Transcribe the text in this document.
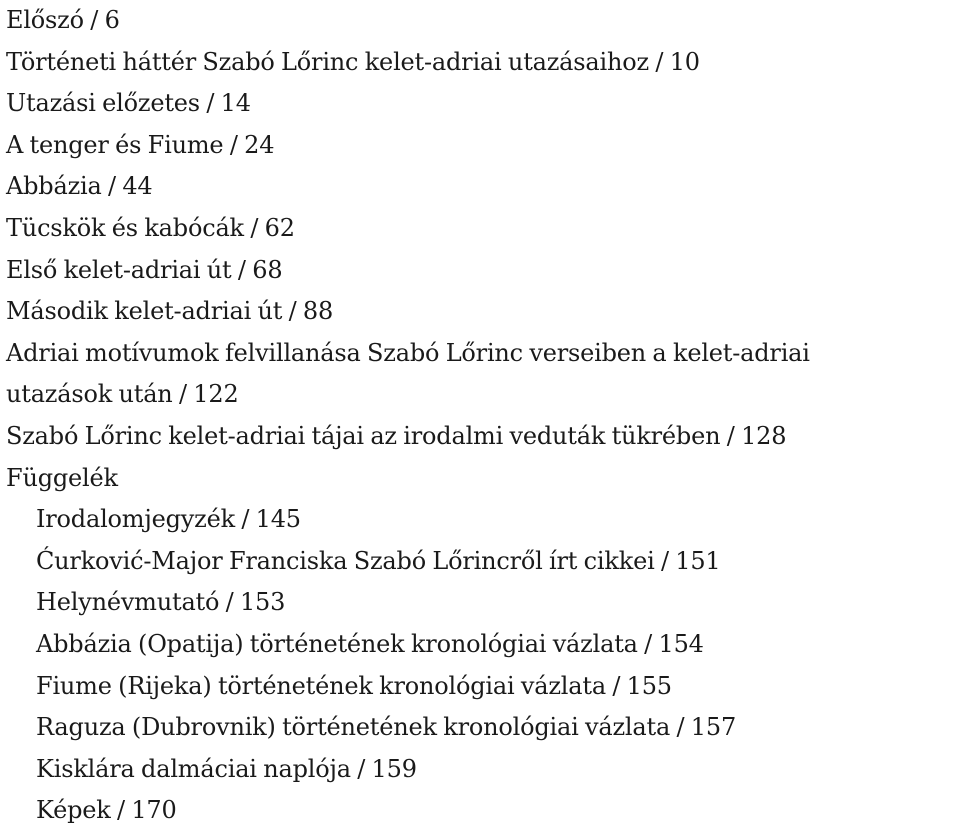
Előszó / 6
Történeti háttér Szabó Lőrinc kelet-adriai utazásaihoz / 10
Utazási előzetes / 14
A tenger és Fiume / 24
Abbázia / 44
Tücskök és kabócák / 62
Első kelet-adriai út / 68
Második kelet-adriai út / 88
Adriai motívumok felvillanása Szabó Lőrinc verseiben a kelet-adriai
utazások után / 122
Szabó Lőrinc kelet-adriai tájai az irodalmi veduták tükrében / 128
Függelék
Irodalomjegyzék / 145
Ćurković-Major Franciska Szabó Lőrincről írt cikkei / 151
Helynévmutató / 153
Abbázia (Opatija) történetének kronológiai vázlata / 154
Fiume (Rijeka) történetének kronológiai vázlata / 155
Raguza (Dubrovnik) történetének kronológiai vázlata / 157
Kisklára dalmáciai naplója / 159
Képek / 170
